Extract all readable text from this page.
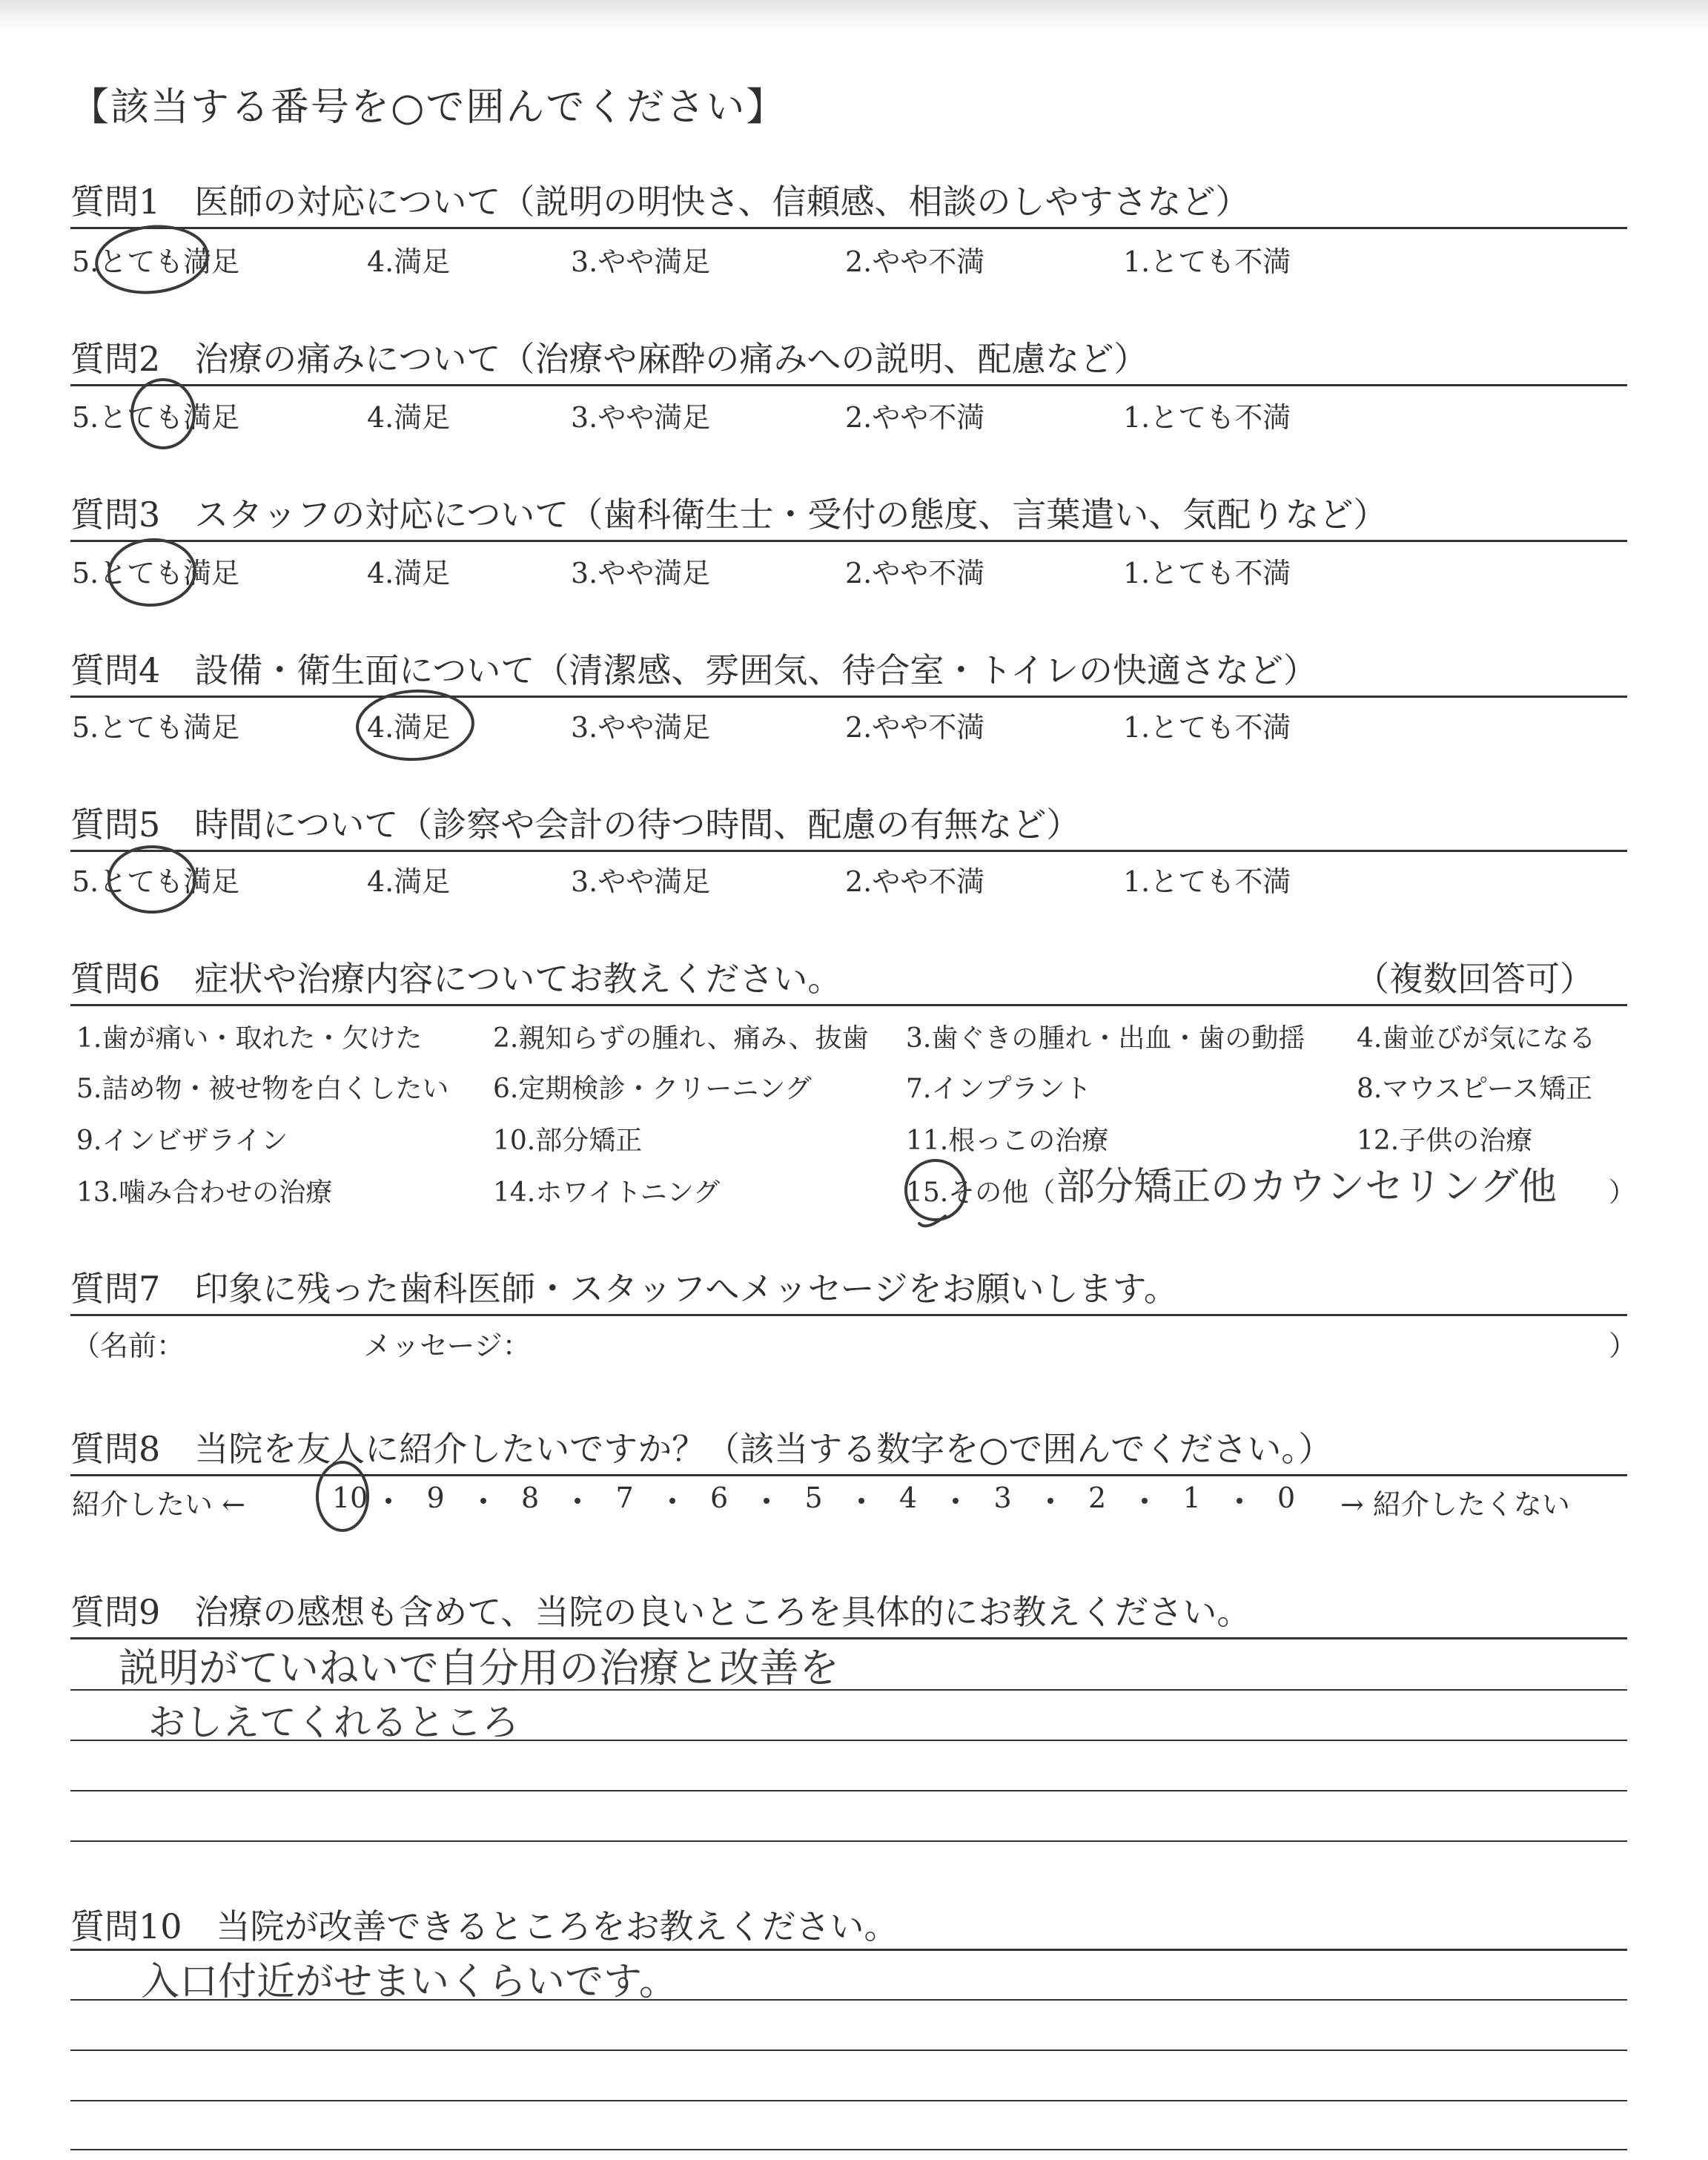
【該当する番号を○で囲んでください】
質問1　医師の対応について（説明の明快さ、信頼感、相談のしやすさなど）
5.とても満足	4.満足	3.やや満足	2.やや不満	1.とても不満
質問2　治療の痛みについて（治療や麻酔の痛みへの説明、配慮など）
5.とても満足	4.満足	3.やや満足	2.やや不満	1.とても不満
質問3　スタッフの対応について（歯科衛生士・受付の態度、言葉遣い、気配りなど）
5.とても満足	4.満足	3.やや満足	2.やや不満	1.とても不満
質問4　設備・衛生面について（清潔感、雰囲気、待合室・トイレの快適さなど）
5.とても満足	4.満足	3.やや満足	2.やや不満	1.とても不満
質問5　時間について（診察や会計の待つ時間、配慮の有無など）
5.とても満足	4.満足	3.やや満足	2.やや不満	1.とても不満
質問6　症状や治療内容についてお教えください。	（複数回答可）
1.歯が痛い・取れた・欠けた	2.親知らずの腫れ、痛み、抜歯 3.歯ぐきの腫れ・出血・歯の動揺 4.歯並びが気になる
5.詰め物・被せ物を白くしたい 6.定期検診・クリーニング	7.インプラント	8.マウスピース矯正
9.インビザライン	10.部分矯正	11.根っこの治療	12.子供の治療
13.噛み合わせの治療	14.ホワイトニング	15.その他（	）
質問7　印象に残った歯科医師・スタッフへメッセージをお願いします。
（名前：	メッセージ：	）
質問8　当院を友人に紹介したいですか？（該当する数字を○で囲んでください。）
紹介したい ←	→ 紹介したくない
10 9	8	7	6	5	4	3	2	1	0
質問9　治療の感想も含めて、当院の良いところを具体的にお教えください。
質問10　当院が改善できるところをお教えください。
部分矯正のカウンセリング他
説明がていねいで自分用の治療と改善を
おしえてくれるところ
入口付近がせまいくらいです。
